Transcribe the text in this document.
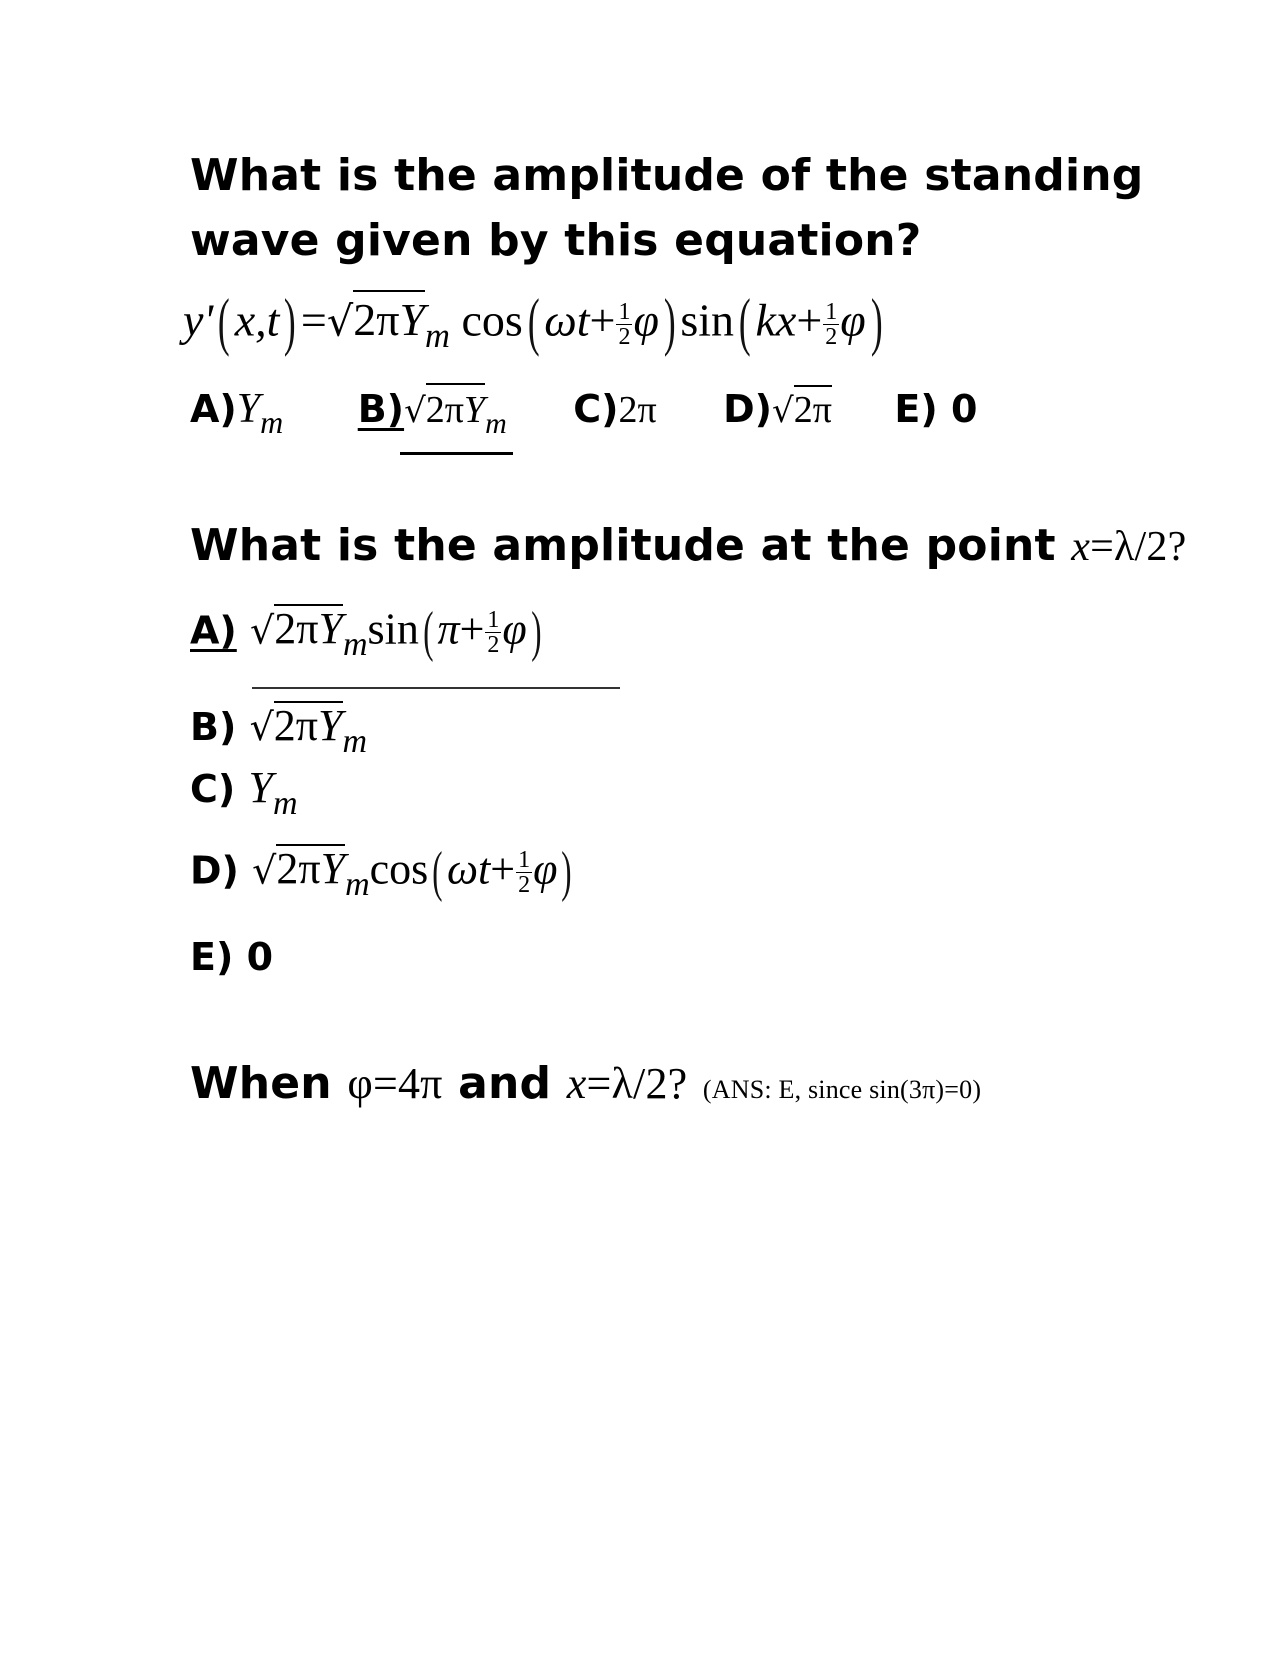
What is the amplitude of the standing
wave given by this equation?
y'( $x,t) =√2\pi Y_m$ cos( $\omega t+ \frac{1}{2} \varphi$) sin( $kx+ \frac{1}{2} \varphi$)
$A)Y_m$ $B)√2\pi Y_m$ C)2π D)√2π E) 0
What is the amplitude at the point x=λ/2?
A) $√2\pi Ymsin(\pi+ \frac{1}{2} \varphi)$
B) √2πYm
C) Ym
D) $√2\pi Ymcos(\omega t+ \frac{1}{2} \varphi)$
E) 0
When φ=4π and x=λ/2? (ANS: E, since sin(3π)=0)
